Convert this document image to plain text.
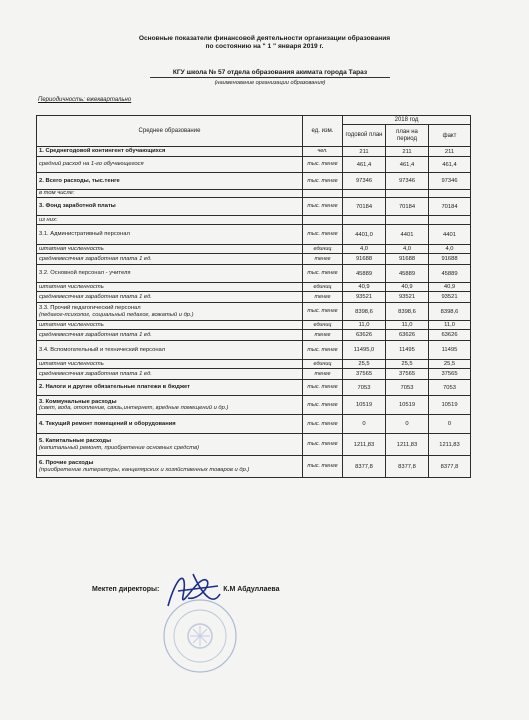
Основные показатели финансовой деятельности организации образования
по состоянию на " 1 " января 2019 г.
КГУ школа № 57 отдела образования акимата города Тараз
(наименование организации образования)
Периодичность: ежеквартально
Среднее образование	ед. изм.	2018 год		
		годовой план	план на период	факт

1. Среднегодовой контингент обучающихся	чел.	211	211	211

средний расход на 1-го обучающегося	тыс. тенге	461,4	461,4	461,4

2. Всего расходы, тыс.тенге	тыс. тенге	97346	97346	97346

в том числе:				

3. Фонд заработной платы	тыс. тенге	70184	70184	70184

из них:				

3.1. Административный персонал	тыс. тенге	4401,0	4401	4401

штатная численность	единиц	4,0	4,0	4,0

среднемесячная заработная плата 1 ед.	тенге	91688	91688	91688

3.2. Основной персонал - учителя	тыс. тенге	45889	45889	45889

штатная численность	единиц	40,9	40,9	40,9

среднемесячная заработная плата 1 ед.	тенге	93521	93521	93521

3.3. Прочий педагогический персонал
(педагог-психолог, социальный педагог, вожатый и др.)	тыс. тенге	8398,6	8398,6	8398,6

штатная численность	единиц	11,0	11,0	11,0

среднемесячная заработная плата 1 ед.	тенге	63626	63626	63626

3.4. Вспомогательный и технический персонал	тыс. тенге	11495,0	11495	11495

штатная численность	единиц	25,5	25,5	25,5

среднемесячная заработная плата 1 ед.	тенге	37565	37565	37565

2. Налоги и другие обязательные платежи в бюджет	тыс. тенге	7053	7053	7053

3. Коммунальные расходы
(свет, вода, отопление, связь,интернет, вредные помещений и др.)	тыс. тенге	10519	10519	10519

4. Текущий ремонт помещений и оборудования	тыс. тенге	0	0	0

5. Капитальные расходы
(капитальный ремонт, приобретение основных средств)	тыс. тенге	1211,83	1211,83	1211,83

6. Прочие расходы
(приобретение литературы, канцелярских и хозяйственных товаров и др.)	тыс. тенге	8377,8	8377,8	8377,8
Мектеп директоры:	К.М Абдуллаева
